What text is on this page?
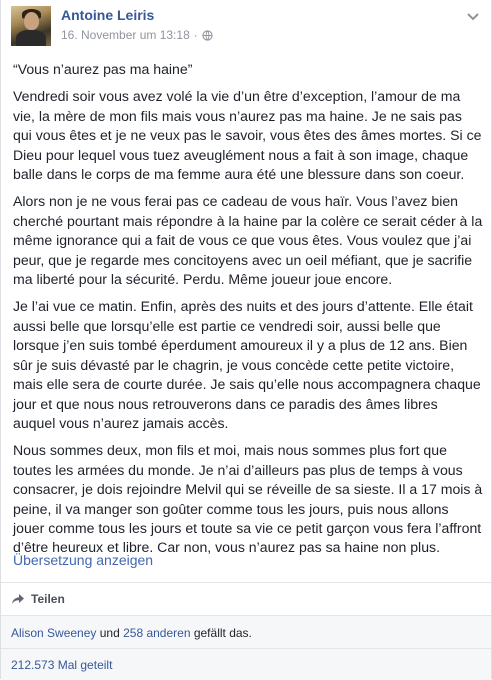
Antoine Leiris
16. November um 13:18 ·

“Vous n’aurez pas ma haine”

Vendredi soir vous avez volé la vie d’un être d’exception, l’amour de ma vie, la mère de mon fils mais vous n’aurez pas ma haine. Je ne sais pas qui vous êtes et je ne veux pas le savoir, vous êtes des âmes mortes. Si ce Dieu pour lequel vous tuez aveuglément nous a fait à son image, chaque balle dans le corps de ma femme aura été une blessure dans son coeur.

Alors non je ne vous ferai pas ce cadeau de vous haïr. Vous l’avez bien cherché pourtant mais répondre à la haine par la colère ce serait céder à la même ignorance qui a fait de vous ce que vous êtes. Vous voulez que j’ai peur, que je regarde mes concitoyens avec un oeil méfiant, que je sacrifie ma liberté pour la sécurité. Perdu. Même joueur joue encore.

Je l’ai vue ce matin. Enfin, après des nuits et des jours d’attente. Elle était aussi belle que lorsqu’elle est partie ce vendredi soir, aussi belle que lorsque j’en suis tombé éperdument amoureux il y a plus de 12 ans. Bien sûr je suis dévasté par le chagrin, je vous concède cette petite victoire, mais elle sera de courte durée. Je sais qu’elle nous accompagnera chaque jour et que nous nous retrouverons dans ce paradis des âmes libres auquel vous n’aurez jamais accès.

Nous sommes deux, mon fils et moi, mais nous sommes plus fort que toutes les armées du monde. Je n’ai d’ailleurs pas plus de temps à vous consacrer, je dois rejoindre Melvil qui se réveille de sa sieste. Il a 17 mois à peine, il va manger son goûter comme tous les jours, puis nous allons jouer comme tous les jours et toute sa vie ce petit garçon vous fera l’affront d’être heureux et libre. Car non, vous n’aurez pas sa haine non plus.

Übersetzung anzeigen
Teilen
Alison Sweeney und 258 anderen gefällt das.
212.573 Mal geteilt
